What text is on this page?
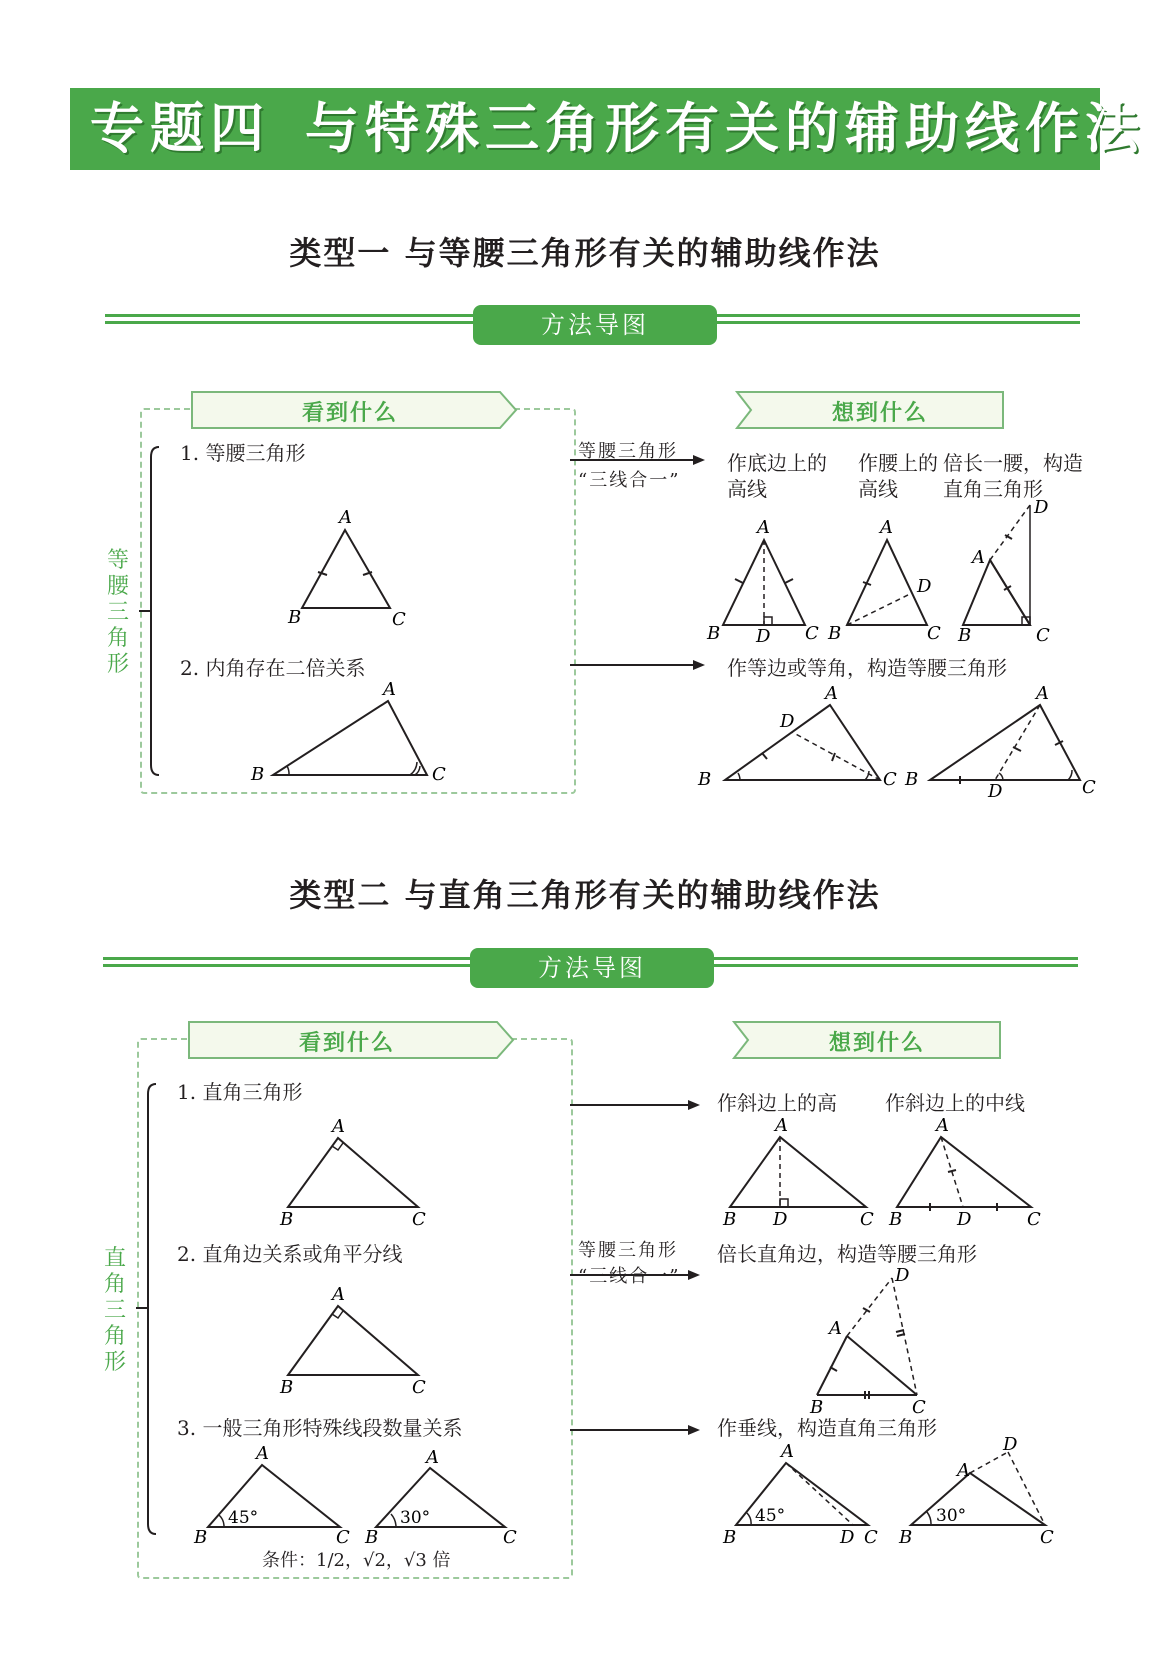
专题四 与特殊三角形有关的辅助线作法
类型一 与等腰三角形有关的辅助线作法
方法导图
看到什么	想到什么
等腰三角形
1. 等腰三角形
2. 内角存在二倍关系
A
B	C
A
B	C
等腰三角形
“三线合一”
作底边上的高线
作腰上的高线
倍长一腰，构造直角三角形
作等边或等角，构造等腰三角形
A
B D C
A
D
B	C
D
A
B	C
A
D
B	C
A
B
D	C
类型二 与直角三角形有关的辅助线作法
方法导图
看到什么	想到什么
直角三角形
1. 直角三角形
2. 直角边关系或角平分线
3. 一般三角形特殊线段数量关系
A
B	C
A
B	C
A
45°
B	C
A
30°
B	C
条件：1/2，√2，√3 倍
等腰三角形
“三线合一”
作斜边上的高 作斜边上的中线
倍长直角边，构造等腰三角形
作垂线，构造直角三角形
A
B D	C
A
B	D	C
D
A
B	C
A
45°
B	D C
D
A
30°
B	C
